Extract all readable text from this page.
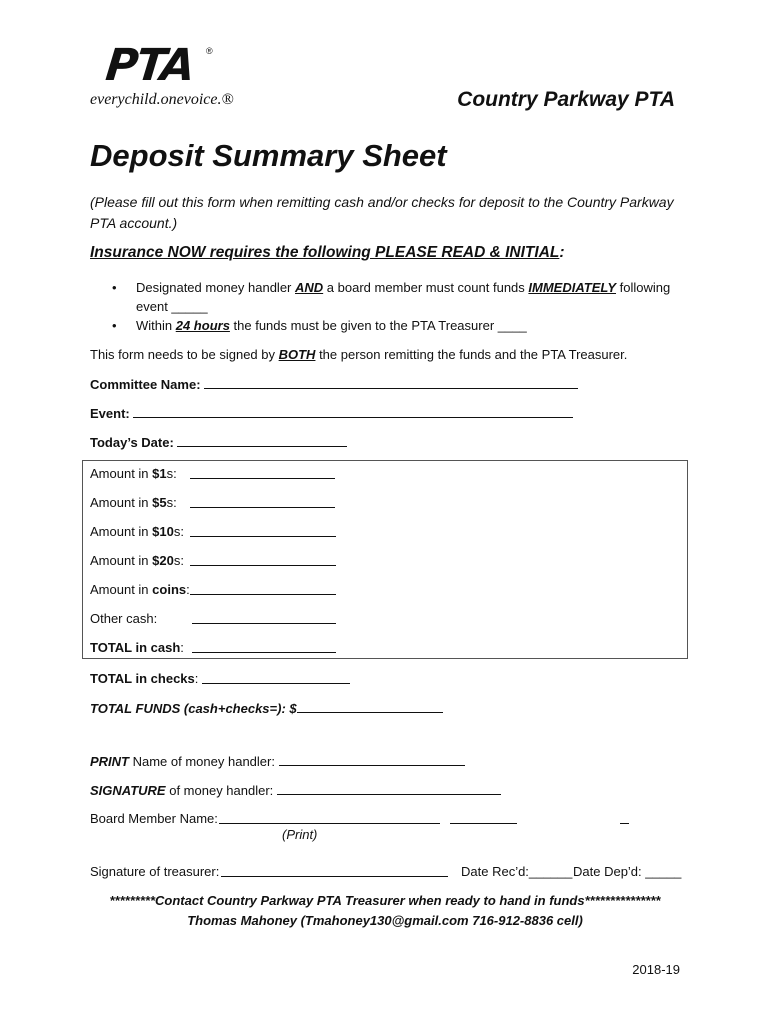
PTA ®
everychild.onevoice.®	Country Parkway PTA
Deposit Summary Sheet
(Please fill out this form when remitting cash and/or checks for deposit to the Country Parkway PTA account.)
Insurance NOW requires the following PLEASE READ & INITIAL:
•	Designated money handler AND a board member must count funds IMMEDIATELY following event _____
•	Within 24 hours the funds must be given to the PTA Treasurer ____
This form needs to be signed by BOTH the person remitting the funds and the PTA Treasurer.
Committee Name:
Event:
Today’s Date:
Amount in $1s:
Amount in $5s:
Amount in $10s:
Amount in $20s:
Amount in coins:
Other cash:
TOTAL in cash:
TOTAL in checks:
TOTAL FUNDS (cash+checks=): $
PRINT Name of money handler:
SIGNATURE of money handler:
Board Member Name:
(Print)
Signature of treasurer:	Date Rec’d:______ Date Dep’d: _____
*********Contact Country Parkway PTA Treasurer when ready to hand in funds***************
Thomas Mahoney (Tmahoney130@gmail.com 716-912-8836 cell)
2018-19
